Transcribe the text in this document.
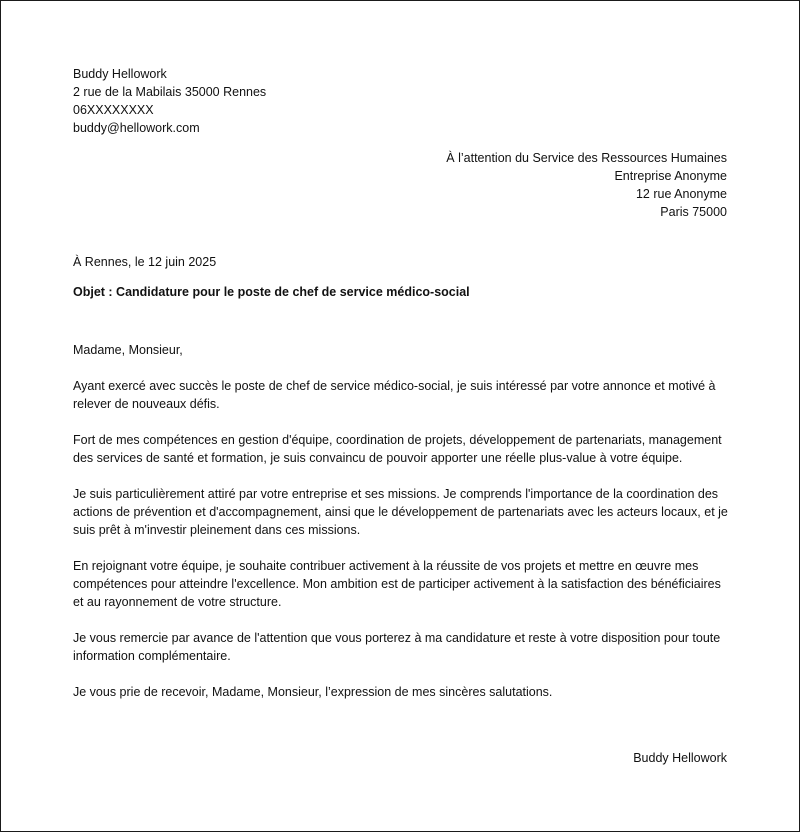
Buddy Hellowork
2 rue de la Mabilais 35000 Rennes
06XXXXXXXX
buddy@hellowork.com
À l’attention du Service des Ressources Humaines
Entreprise Anonyme
12 rue Anonyme
Paris 75000
À Rennes, le 12 juin 2025
Objet : Candidature pour le poste de chef de service médico-social

Madame, Monsieur,

Ayant exercé avec succès le poste de chef de service médico-social, je suis intéressé par votre annonce et motivé à relever de nouveaux défis.

Fort de mes compétences en gestion d'équipe, coordination de projets, développement de partenariats, management des services de santé et formation, je suis convaincu de pouvoir apporter une réelle plus-value à votre équipe.

Je suis particulièrement attiré par votre entreprise et ses missions. Je comprends l'importance de la coordination des actions de prévention et d'accompagnement, ainsi que le développement de partenariats avec les acteurs locaux, et je suis prêt à m'investir pleinement dans ces missions.

En rejoignant votre équipe, je souhaite contribuer activement à la réussite de vos projets et mettre en œuvre mes compétences pour atteindre l'excellence. Mon ambition est de participer activement à la satisfaction des bénéficiaires et au rayonnement de votre structure.

Je vous remercie par avance de l'attention que vous porterez à ma candidature et reste à votre disposition pour toute information complémentaire.

Je vous prie de recevoir, Madame, Monsieur, l’expression de mes sincères salutations.

Buddy Hellowork
